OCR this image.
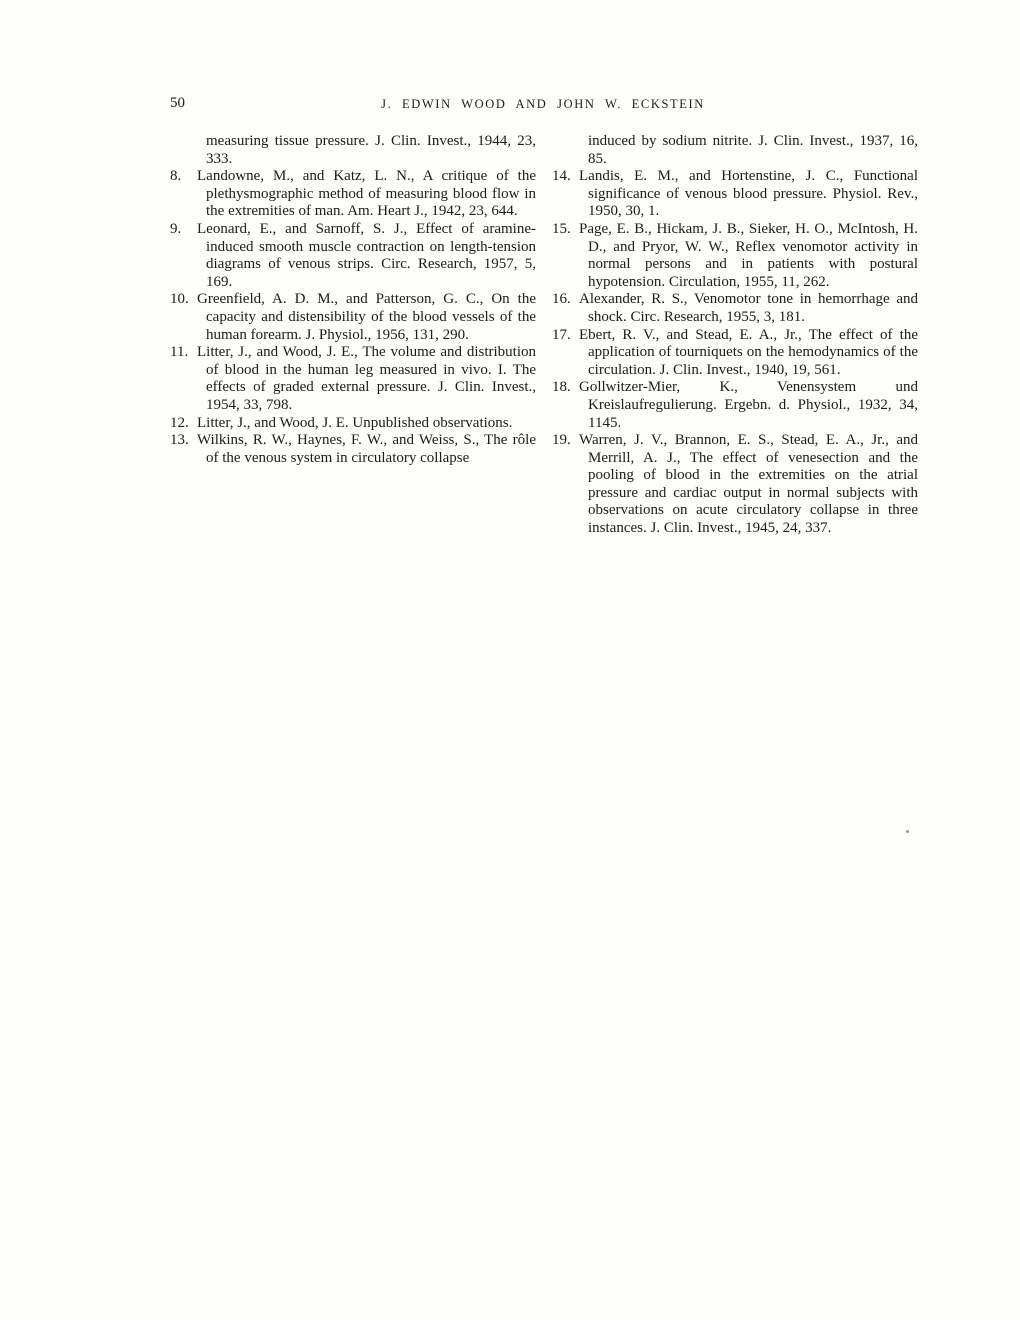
50	J. EDWIN WOOD AND JOHN W. ECKSTEIN

measuring tissue pressure. J. Clin. Invest., 1944, 23, 333.

8. Landowne, M., and Katz, L. N., A critique of the plethysmographic method of measuring blood flow in the extremities of man. Am. Heart J., 1942, 23, 644.

9. Leonard, E., and Sarnoff, S. J., Effect of aramine-induced smooth muscle contraction on length-tension diagrams of venous strips. Circ. Research, 1957, 5, 169.

10. Greenfield, A. D. M., and Patterson, G. C., On the capacity and distensibility of the blood vessels of the human forearm. J. Physiol., 1956, 131, 290.

11. Litter, J., and Wood, J. E., The volume and distribution of blood in the human leg measured in vivo. I. The effects of graded external pressure. J. Clin. Invest., 1954, 33, 798.

12. Litter, J., and Wood, J. E. Unpublished observations.

13. Wilkins, R. W., Haynes, F. W., and Weiss, S., The rôle of the venous system in circulatory collapse

induced by sodium nitrite. J. Clin. Invest., 1937, 16, 85.

14. Landis, E. M., and Hortenstine, J. C., Functional significance of venous blood pressure. Physiol. Rev., 1950, 30, 1.

15. Page, E. B., Hickam, J. B., Sieker, H. O., McIntosh, H. D., and Pryor, W. W., Reflex venomotor activity in normal persons and in patients with postural hypotension. Circulation, 1955, 11, 262.

16. Alexander, R. S., Venomotor tone in hemorrhage and shock. Circ. Research, 1955, 3, 181.

17. Ebert, R. V., and Stead, E. A., Jr., The effect of the application of tourniquets on the hemodynamics of the circulation. J. Clin. Invest., 1940, 19, 561.

18. Gollwitzer-Mier, K., Venensystem und Kreislaufregulierung. Ergebn. d. Physiol., 1932, 34, 1145.

19. Warren, J. V., Brannon, E. S., Stead, E. A., Jr., and Merrill, A. J., The effect of venesection and the pooling of blood in the extremities on the atrial pressure and cardiac output in normal subjects with observations on acute circulatory collapse in three instances. J. Clin. Invest., 1945, 24, 337.
